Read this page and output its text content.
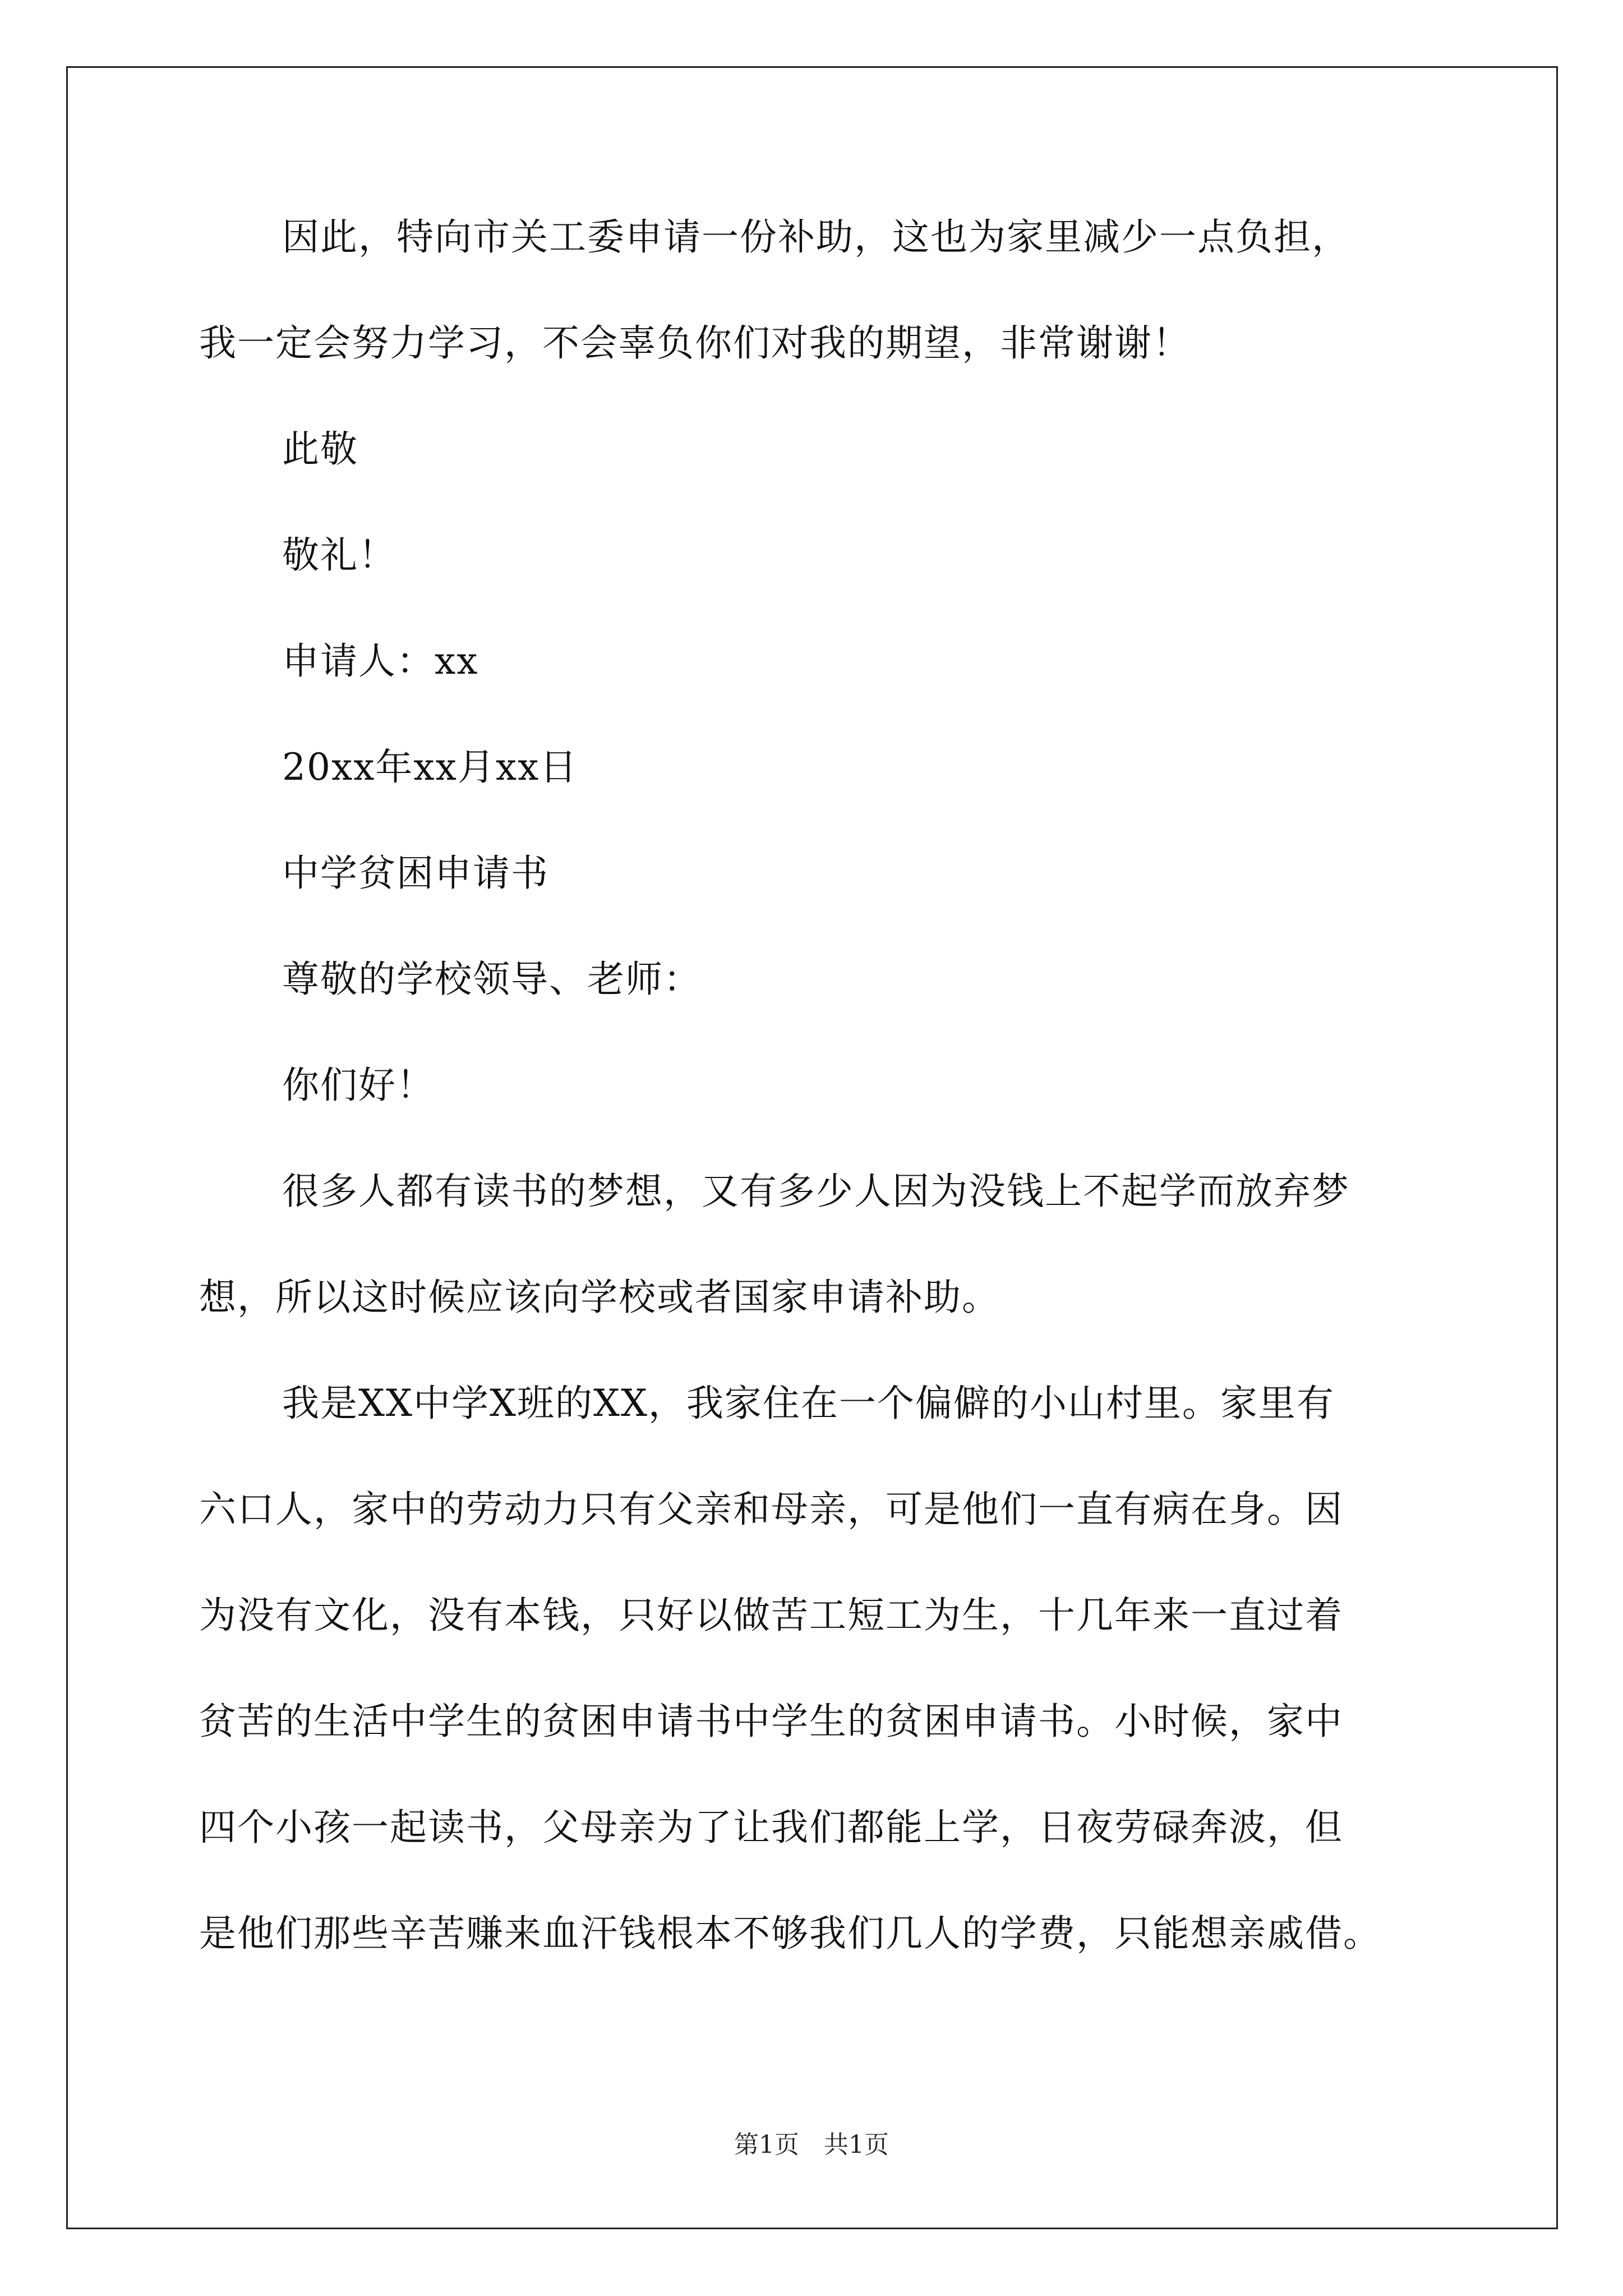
因此，特向市关工委申请一份补助，这也为家里减少一点负担，
我一定会努力学习，不会辜负你们对我的期望，非常谢谢！
此敬
敬礼！
申请人：xx
20xx年xx月xx日
中学贫困申请书
尊敬的学校领导、老师：
你们好！
很多人都有读书的梦想，又有多少人因为没钱上不起学而放弃梦
想，所以这时候应该向学校或者国家申请补助。
我是XX中学X班的XX，我家住在一个偏僻的小山村里。家里有
六口人，家中的劳动力只有父亲和母亲，可是他们一直有病在身。因
为没有文化，没有本钱，只好以做苦工短工为生，十几年来一直过着
贫苦的生活中学生的贫困申请书中学生的贫困申请书。小时候，家中
四个小孩一起读书，父母亲为了让我们都能上学，日夜劳碌奔波，但
是他们那些辛苦赚来血汗钱根本不够我们几人的学费，只能想亲戚借。
第1页　共1页
